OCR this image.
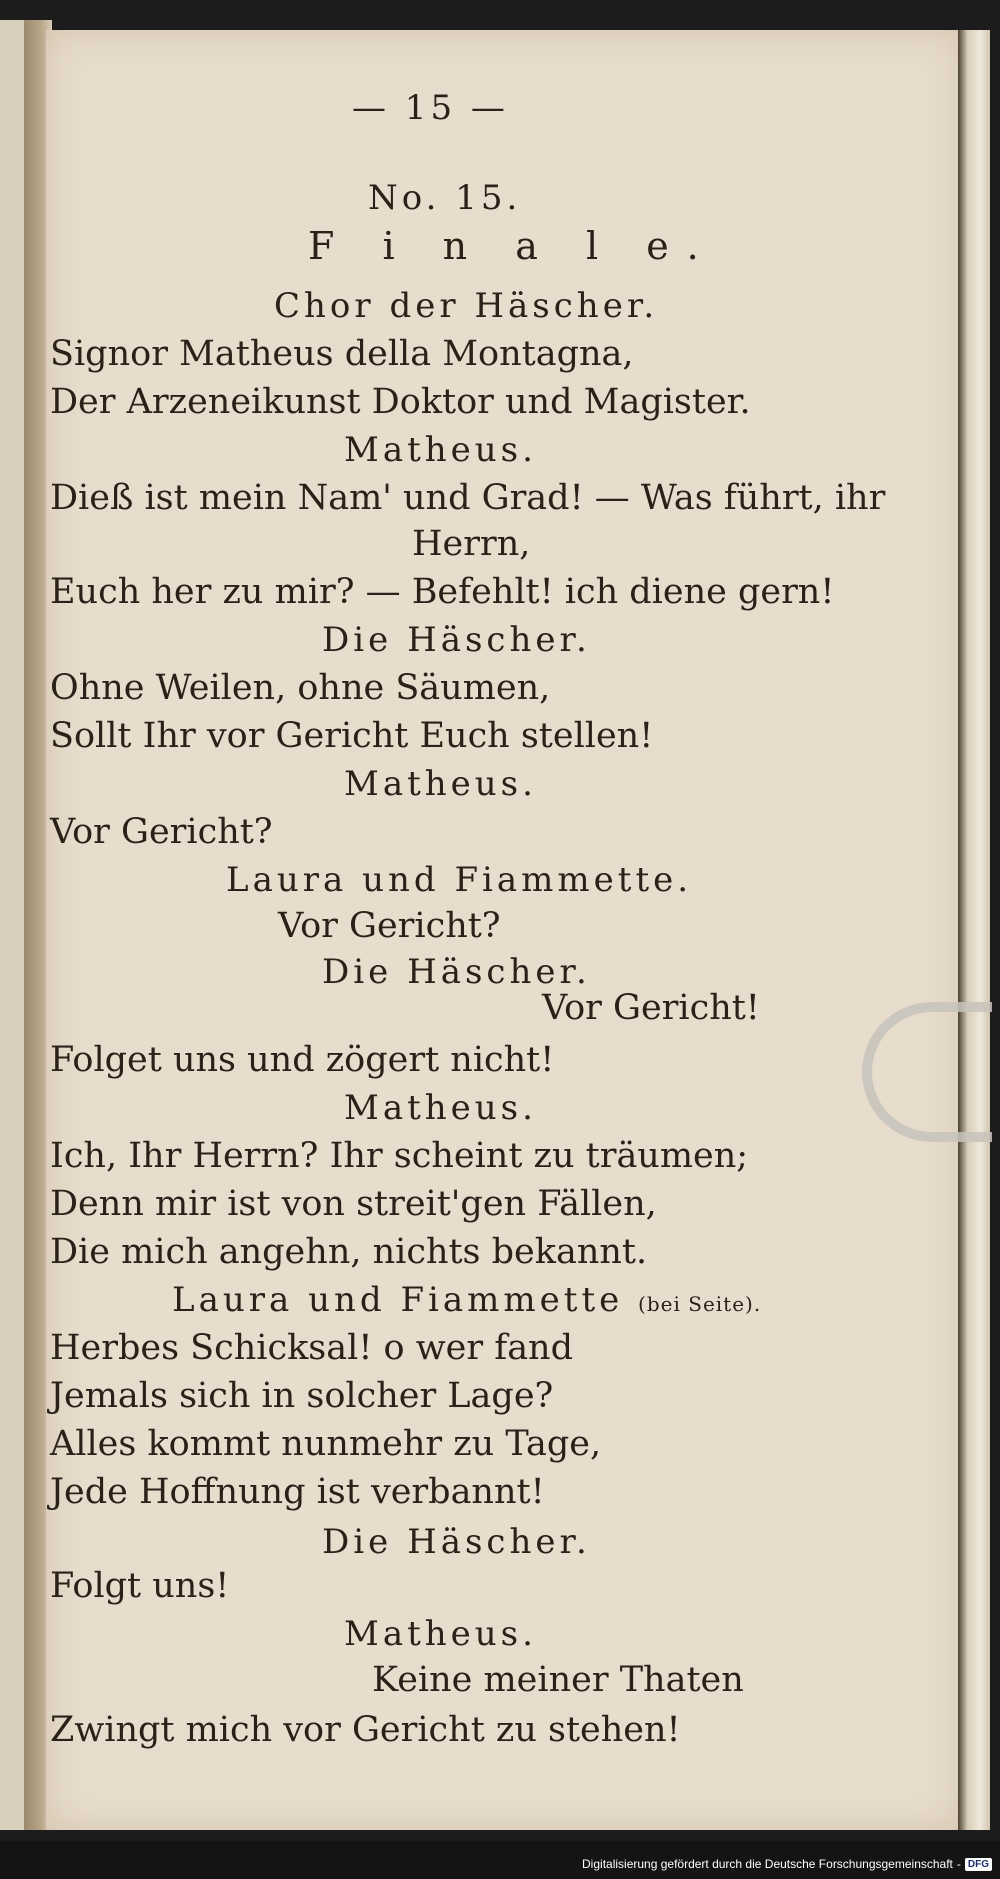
— 15 —
No. 15.
F i n a l e.
Chor der Häscher.
Signor Matheus della Montagna,
Der Arzeneikunst Doktor und Magister.
Matheus.
Dieß ist mein Nam' und Grad! — Was führt, ihr
Herrn,
Euch her zu mir? — Befehlt! ich diene gern!
Die Häscher.
Ohne Weilen, ohne Säumen,
Sollt Ihr vor Gericht Euch stellen!
Matheus.
Vor Gericht?
Laura und Fiammette.
Vor Gericht?
Die Häscher.
Vor Gericht!
Folget uns und zögert nicht!
Matheus.
Ich, Ihr Herrn? Ihr scheint zu träumen;
Denn mir ist von streit'gen Fällen,
Die mich angehn, nichts bekannt.
Laura und Fiammette (bei Seite).
Herbes Schicksal! o wer fand
Jemals sich in solcher Lage?
Alles kommt nunmehr zu Tage,
Jede Hoffnung ist verbannt!
Die Häscher.
Folgt uns!
Matheus.
Keine meiner Thaten
Zwingt mich vor Gericht zu stehen!
Digitalisierung gefördert durch die Deutsche Forschungsgemeinschaft - DFG
